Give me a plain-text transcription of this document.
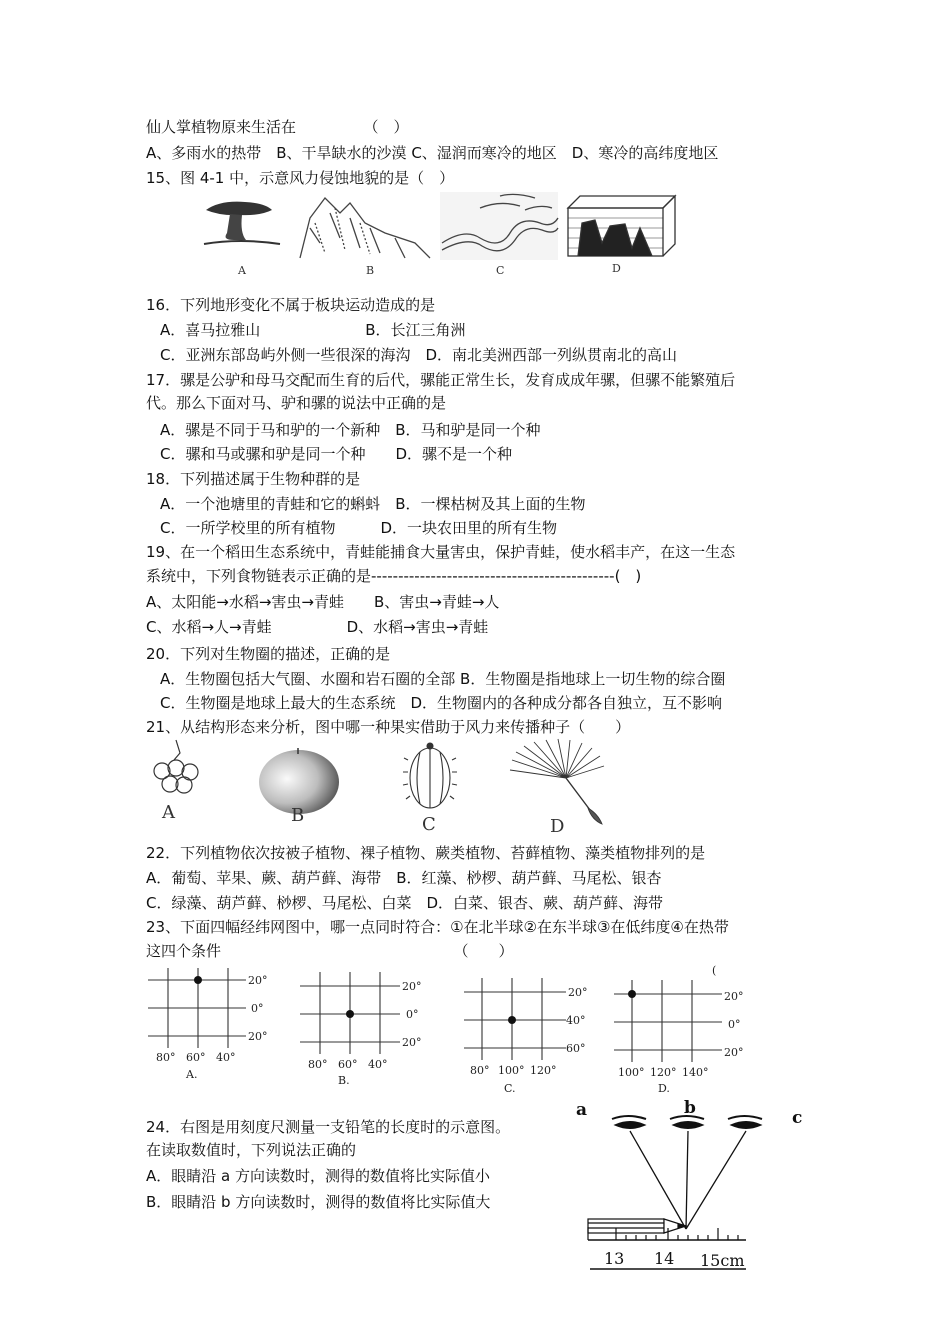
仙人掌植物原来生活在　　　　　（　）
A、多雨水的热带　B、干旱缺水的沙漠 C、湿润而寒冷的地区　D、寒冷的高纬度地区
15、图 4-1 中，示意风力侵蚀地貌的是（　）
16．下列地形变化不属于板块运动造成的是
A．喜马拉雅山　　　　　　　B．长江三角洲
C．亚洲东部岛屿外侧一些很深的海沟　D．南北美洲西部一列纵贯南北的高山
17．骡是公驴和母马交配而生育的后代，骡能正常生长，发育成成年骡，但骡不能繁殖后
代。那么下面对马、驴和骡的说法中正确的是
A．骡是不同于马和驴的一个新种　B．马和驴是同一个种
C．骡和马或骡和驴是同一个种　　D．骡不是一个种
18．下列描述属于生物种群的是
A．一个池塘里的青蛙和它的蝌蚪　B．一棵枯树及其上面的生物
C．一所学校里的所有植物　　　D．一块农田里的所有生物
19、在一个稻田生态系统中，青蛙能捕食大量害虫，保护青蛙，使水稻丰产，在这一生态
系统中，下列食物链表示正确的是---------------------------------------------(　)
A、太阳能→水稻→害虫→青蛙　　B、害虫→青蛙→人
C、水稻→人→青蛙　　　　　D、水稻→害虫→青蛙
20．下列对生物圈的描述，正确的是
A．生物圈包括大气圈、水圈和岩石圈的全部 B．生物圈是指地球上一切生物的综合圈
C．生物圈是地球上最大的生态系统　D．生物圈内的各种成分都各自独立，互不影响
21、从结构形态来分析，图中哪一种果实借助于风力来传播种子（　　）
22．下列植物依次按被子植物、裸子植物、蕨类植物、苔藓植物、藻类植物排列的是
A．葡萄、苹果、蕨、葫芦藓、海带　B．红藻、桫椤、葫芦藓、马尾松、银杏
C．绿藻、葫芦藓、桫椤、马尾松、白菜　D．白菜、银杏、蕨、葫芦藓、海带
23、下面四幅经纬网图中，哪一点同时符合：①在北半球②在东半球③在低纬度④在热带
这四个条件　　　　　　　　　　　　　　　　（　　）
24．右图是用刻度尺测量一支铅笔的长度时的示意图。
在读取数值时，下列说法正确的
A．眼睛沿 a 方向读数时，测得的数值将比实际值小
B．眼睛沿 b 方向读数时，测得的数值将比实际值大
A	B	C	D
A	B	C	D
20°
0°
20°
80° 60° 40°
A.
20°
0°
20°
80° 60° 40°
B.
20°
40°
60°
80° 100° 120°
C.
(
20°
0°
20°
100° 120° 140°
D.
a	b	c
13 14 15cm
